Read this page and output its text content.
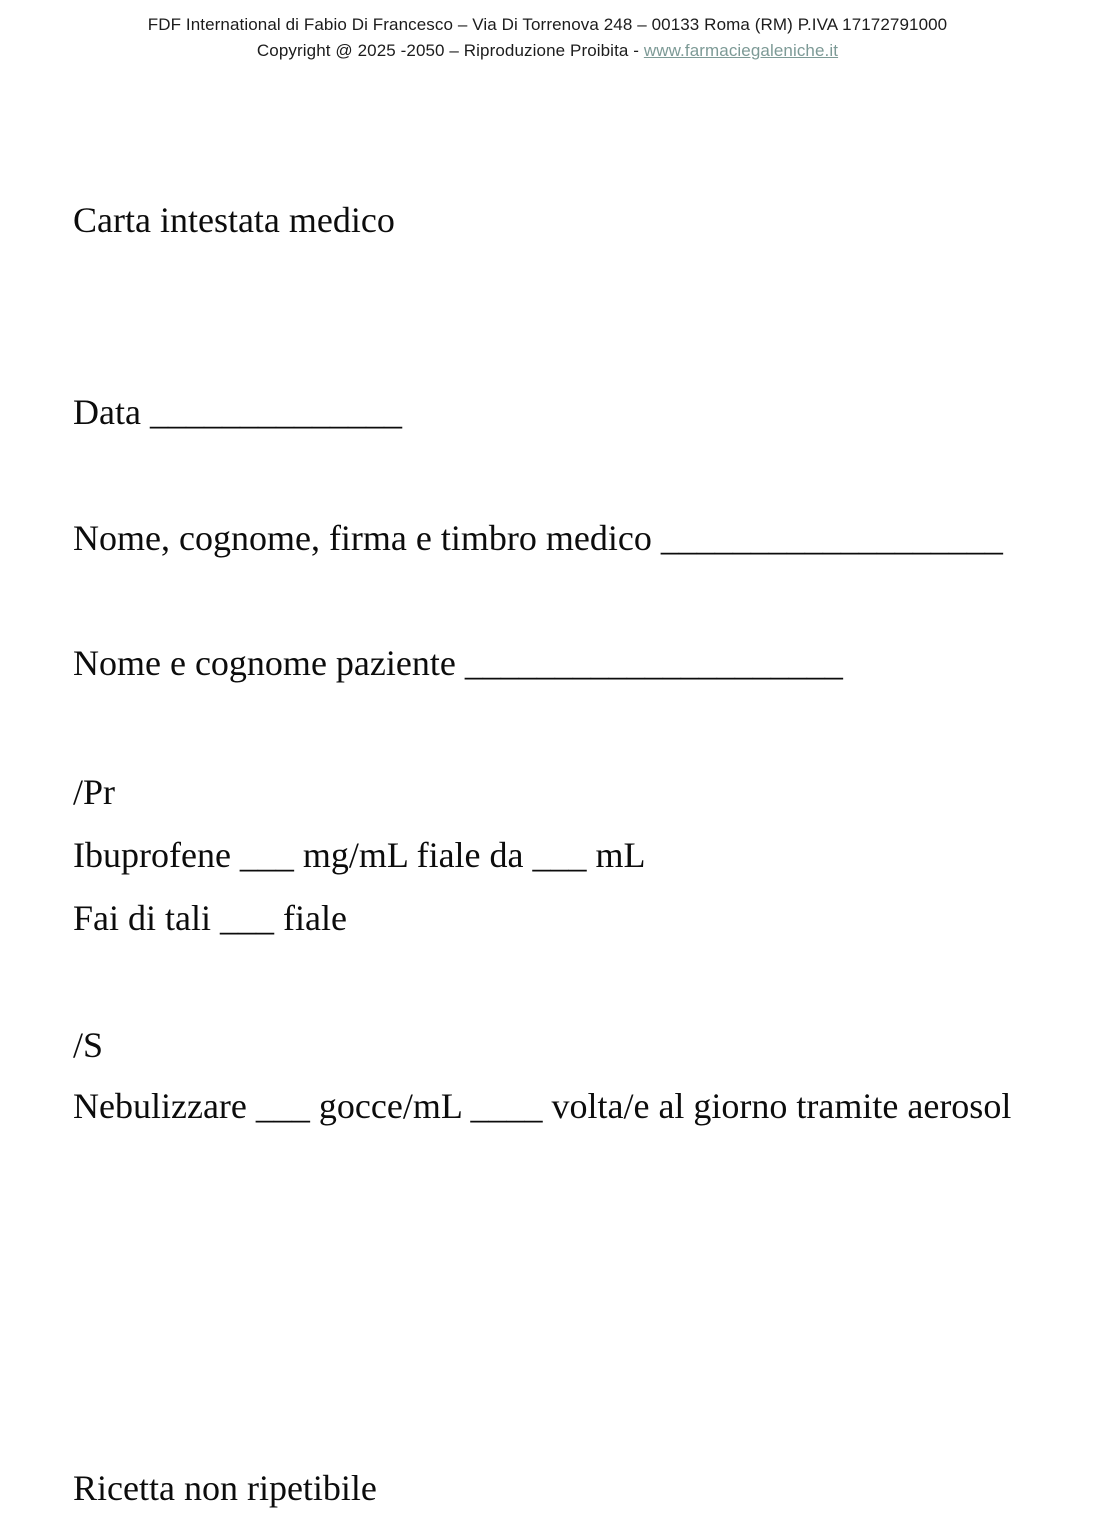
FDF International di Fabio Di Francesco – Via Di Torrenova 248 – 00133 Roma (RM) P.IVA 17172791000
Copyright @ 2025 -2050 – Riproduzione Proibita - www.farmaciegaleniche.it
Carta intestata medico
Data ______________
Nome, cognome, firma e timbro medico ___________________
Nome e cognome paziente _____________________
/Pr
Ibuprofene ___ mg/mL fiale da ___ mL
Fai di tali ___ fiale
/S
Nebulizzare ___ gocce/mL ____ volta/e al giorno tramite aerosol
Ricetta non ripetibile
